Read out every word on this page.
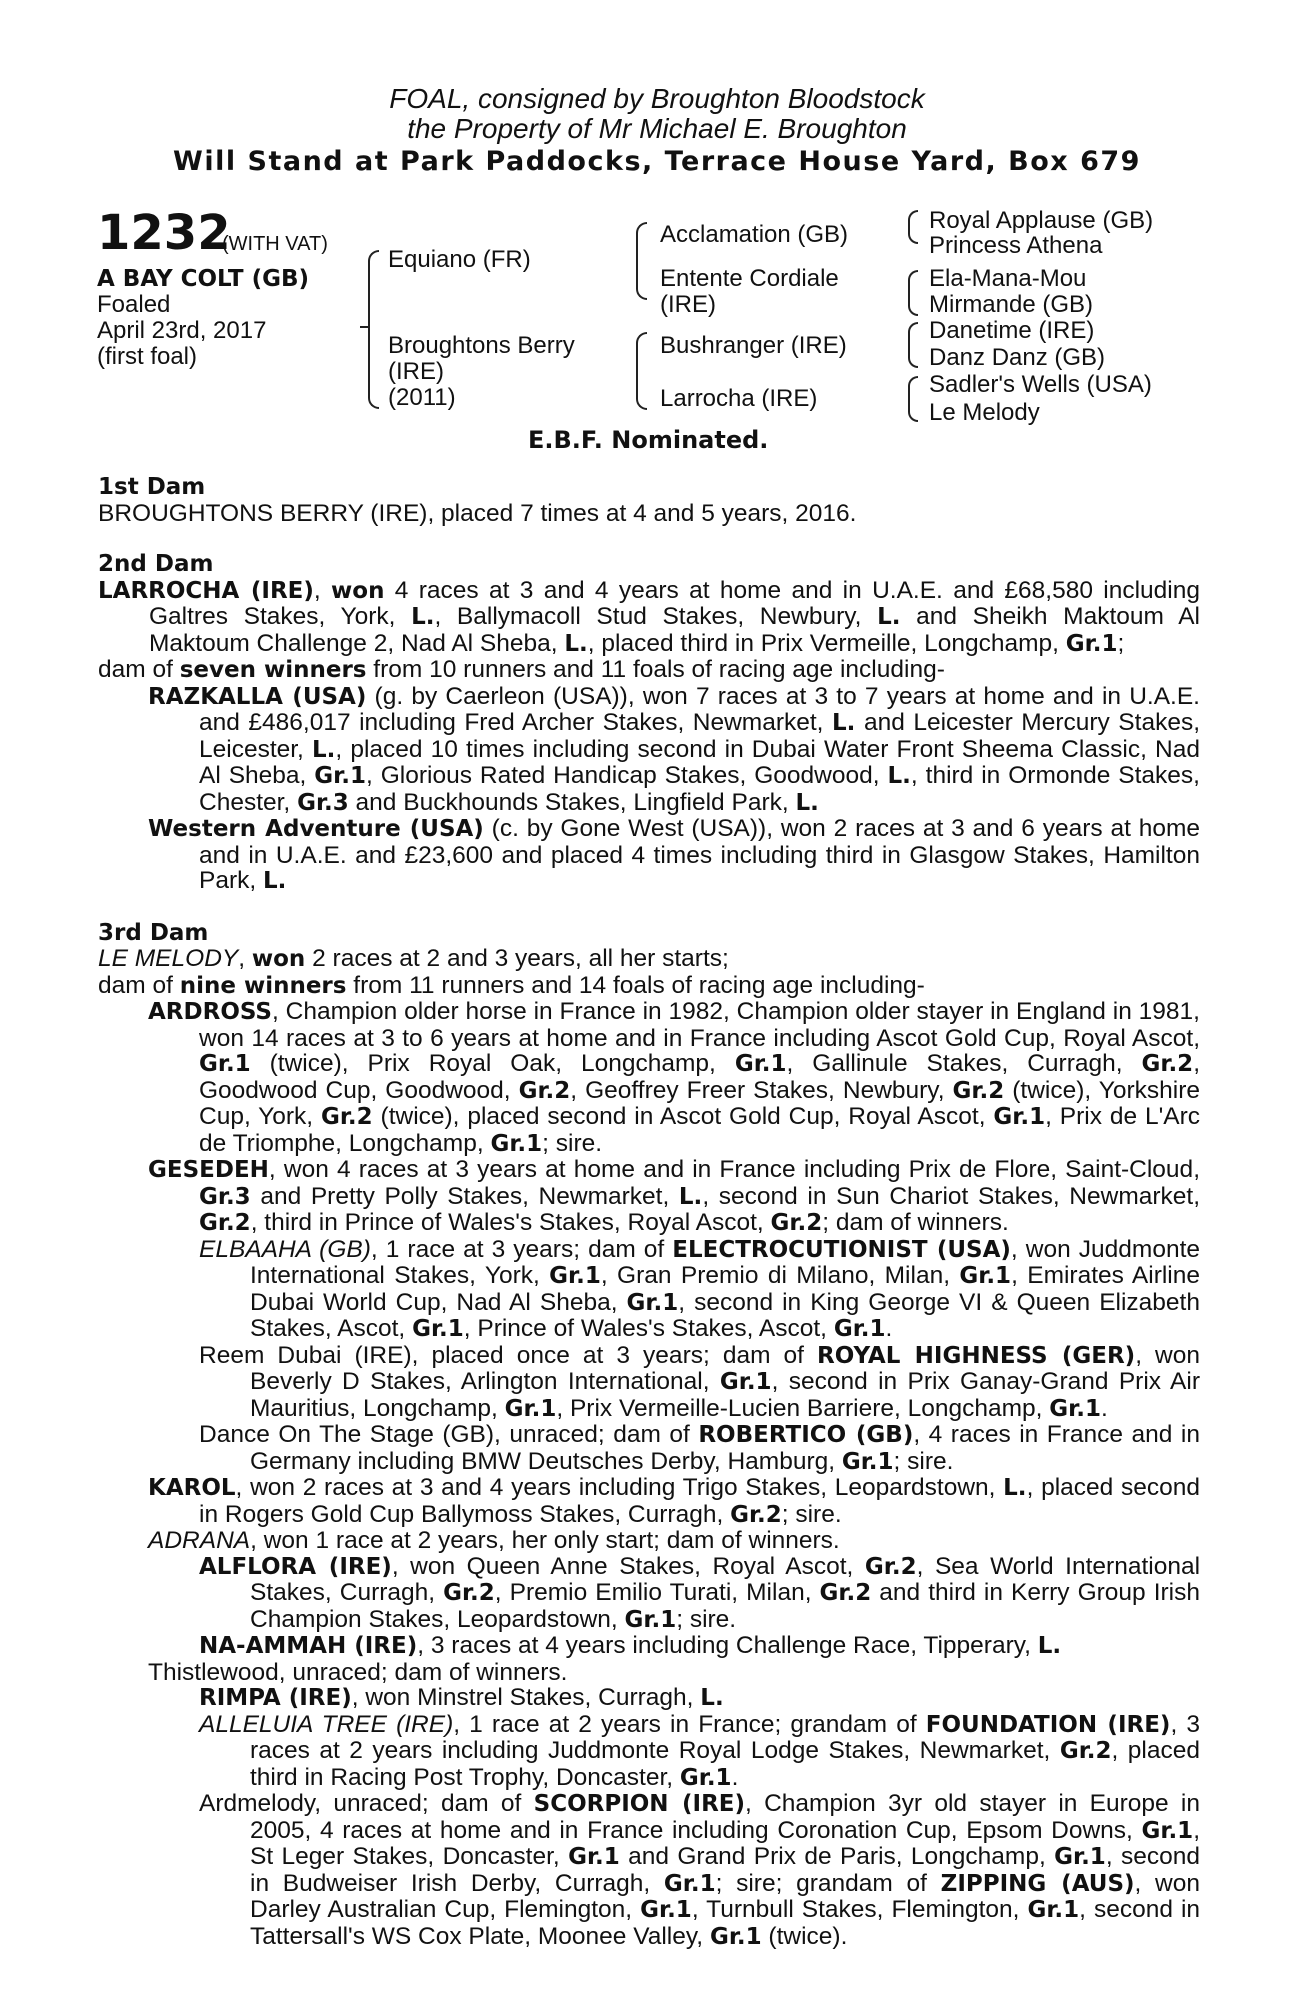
FOAL, consigned by Broughton Bloodstock
the Property of Mr Michael E. Broughton
Will Stand at Park Paddocks, Terrace House Yard, Box 679
1232
(WITH VAT)
A BAY COLT (GB)
Foaled
April 23rd, 2017
(first foal)
Equiano (FR)
Broughtons Berry
(IRE)
(2011)
Acclamation (GB)
Entente Cordiale
(IRE)
Bushranger (IRE)
Larrocha (IRE)
Royal Applause (GB)
Princess Athena
Ela-Mana-Mou
Mirmande (GB)
Danetime (IRE)
Danz Danz (GB)
Sadler's Wells (USA)
Le Melody
E.B.F. Nominated.
1st Dam

BROUGHTONS BERRY (IRE), placed 7 times at 4 and 5 years, 2016.

2nd Dam

LARROCHA (IRE), won 4 races at 3 and 4 years at home and in U.A.E. and £68,580 including Galtres Stakes, York, L., Ballymacoll Stud Stakes, Newbury, L. and Sheikh Maktoum Al Maktoum Challenge 2, Nad Al Sheba, L., placed third in Prix Vermeille, Longchamp, Gr.1;

dam of seven winners from 10 runners and 11 foals of racing age including-

RAZKALLA (USA) (g. by Caerleon (USA)), won 7 races at 3 to 7 years at home and in U.A.E. and £486,017 including Fred Archer Stakes, Newmarket, L. and Leicester Mercury Stakes, Leicester, L., placed 10 times including second in Dubai Water Front Sheema Classic, Nad Al Sheba, Gr.1, Glorious Rated Handicap Stakes, Goodwood, L., third in Ormonde Stakes, Chester, Gr.3 and Buckhounds Stakes, Lingfield Park, L.

Western Adventure (USA) (c. by Gone West (USA)), won 2 races at 3 and 6 years at home and in U.A.E. and £23,600 and placed 4 times including third in Glasgow Stakes, Hamilton Park, L.

3rd Dam

LE MELODY, won 2 races at 2 and 3 years, all her starts;

dam of nine winners from 11 runners and 14 foals of racing age including-

ARDROSS, Champion older horse in France in 1982, Champion older stayer in England in 1981, won 14 races at 3 to 6 years at home and in France including Ascot Gold Cup, Royal Ascot, Gr.1 (twice), Prix Royal Oak, Longchamp, Gr.1, Gallinule Stakes, Curragh, Gr.2, Goodwood Cup, Goodwood, Gr.2, Geoffrey Freer Stakes, Newbury, Gr.2 (twice), Yorkshire Cup, York, Gr.2 (twice), placed second in Ascot Gold Cup, Royal Ascot, Gr.1, Prix de L'Arc de Triomphe, Longchamp, Gr.1; sire.

GESEDEH, won 4 races at 3 years at home and in France including Prix de Flore, Saint-Cloud, Gr.3 and Pretty Polly Stakes, Newmarket, L., second in Sun Chariot Stakes, Newmarket, Gr.2, third in Prince of Wales's Stakes, Royal Ascot, Gr.2; dam of winners.

ELBAAHA (GB), 1 race at 3 years; dam of ELECTROCUTIONIST (USA), won Juddmonte International Stakes, York, Gr.1, Gran Premio di Milano, Milan, Gr.1, Emirates Airline Dubai World Cup, Nad Al Sheba, Gr.1, second in King George VI & Queen Elizabeth Stakes, Ascot, Gr.1, Prince of Wales's Stakes, Ascot, Gr.1.

Reem Dubai (IRE), placed once at 3 years; dam of ROYAL HIGHNESS (GER), won Beverly D Stakes, Arlington International, Gr.1, second in Prix Ganay-Grand Prix Air Mauritius, Longchamp, Gr.1, Prix Vermeille-Lucien Barriere, Longchamp, Gr.1.

Dance On The Stage (GB), unraced; dam of ROBERTICO (GB), 4 races in France and in Germany including BMW Deutsches Derby, Hamburg, Gr.1; sire.

KAROL, won 2 races at 3 and 4 years including Trigo Stakes, Leopardstown, L., placed second in Rogers Gold Cup Ballymoss Stakes, Curragh, Gr.2; sire.

ADRANA, won 1 race at 2 years, her only start; dam of winners.

ALFLORA (IRE), won Queen Anne Stakes, Royal Ascot, Gr.2, Sea World International Stakes, Curragh, Gr.2, Premio Emilio Turati, Milan, Gr.2 and third in Kerry Group Irish Champion Stakes, Leopardstown, Gr.1; sire.

NA-AMMAH (IRE), 3 races at 4 years including Challenge Race, Tipperary, L.

Thistlewood, unraced; dam of winners.

RIMPA (IRE), won Minstrel Stakes, Curragh, L.

ALLELUIA TREE (IRE), 1 race at 2 years in France; grandam of FOUNDATION (IRE), 3 races at 2 years including Juddmonte Royal Lodge Stakes, Newmarket, Gr.2, placed third in Racing Post Trophy, Doncaster, Gr.1.

Ardmelody, unraced; dam of SCORPION (IRE), Champion 3yr old stayer in Europe in 2005, 4 races at home and in France including Coronation Cup, Epsom Downs, Gr.1, St Leger Stakes, Doncaster, Gr.1 and Grand Prix de Paris, Longchamp, Gr.1, second in Budweiser Irish Derby, Curragh, Gr.1; sire; grandam of ZIPPING (AUS), won Darley Australian Cup, Flemington, Gr.1, Turnbull Stakes, Flemington, Gr.1, second in Tattersall's WS Cox Plate, Moonee Valley, Gr.1 (twice).
